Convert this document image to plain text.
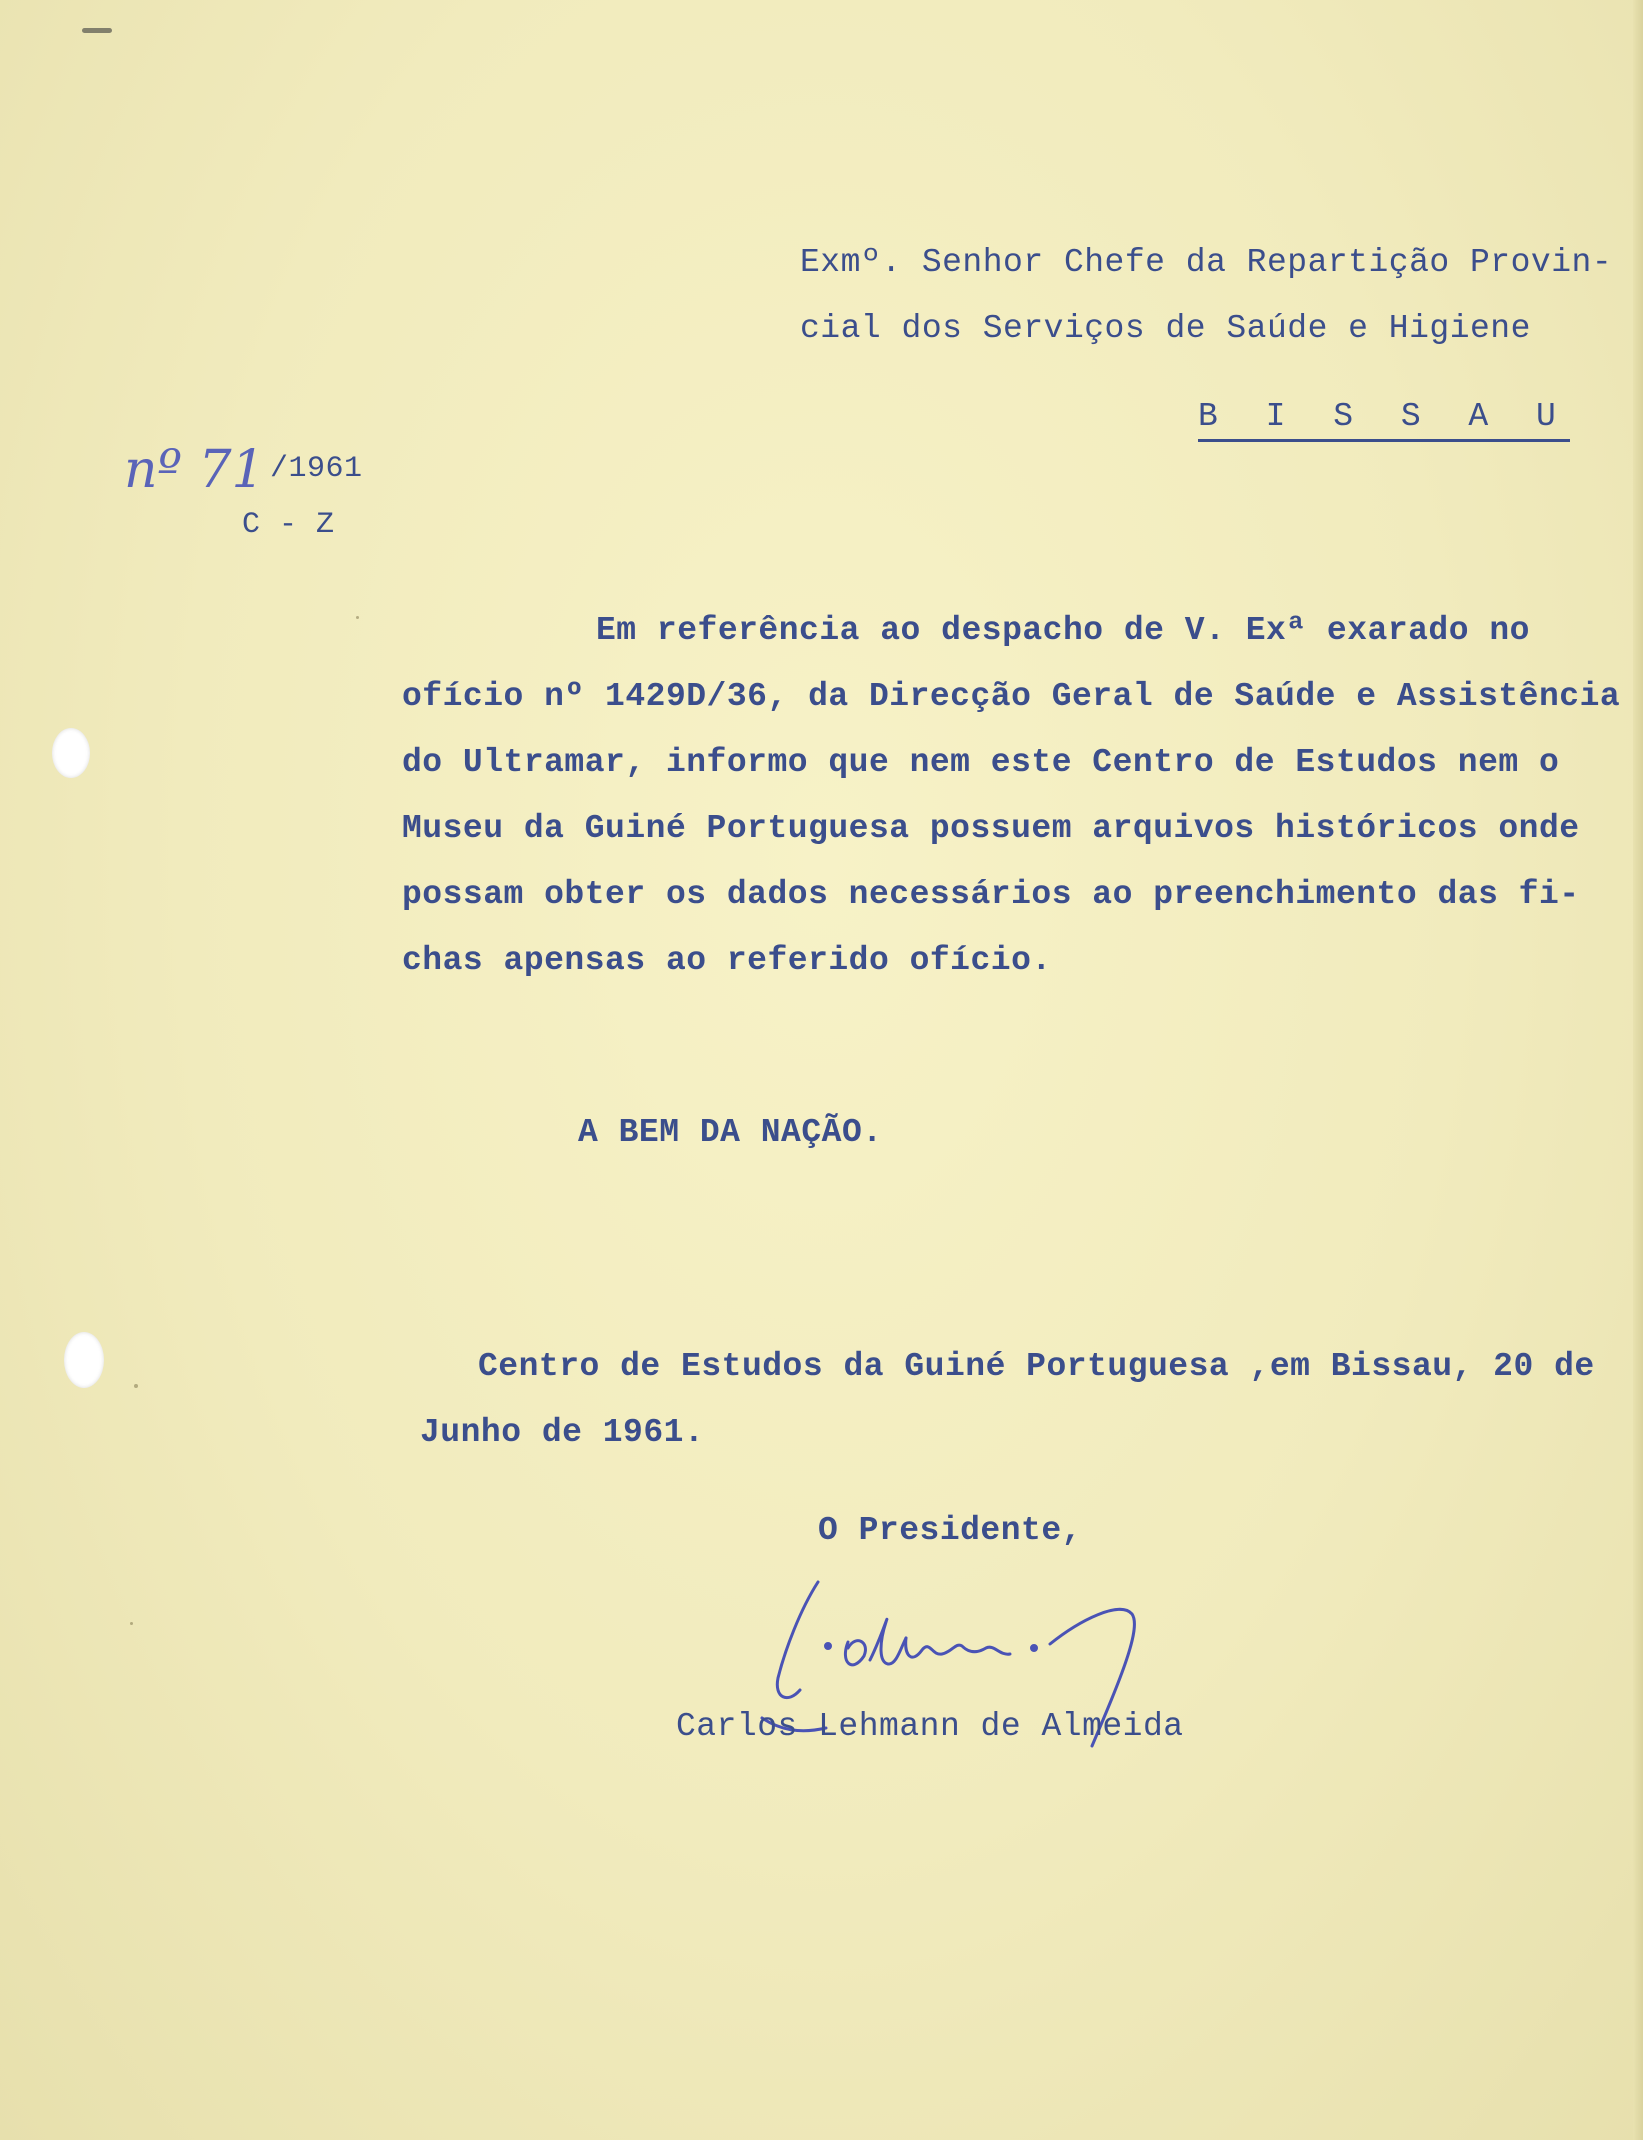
Exmº. Senhor Chefe da Repartição Provin-
cial dos Serviços de Saúde e Higiene
B I S S A U
nº 71 /1961
C - Z
Em referência ao despacho de V. Exª exarado no
ofício nº 1429D/36, da Direcção Geral de Saúde e Assistência
do Ultramar, informo que nem este Centro de Estudos nem o
Museu da Guiné Portuguesa possuem arquivos históricos onde
possam obter os dados necessários ao preenchimento das fi-
chas apensas ao referido ofício.
A BEM DA NAÇÃO.
Centro de Estudos da Guiné Portuguesa ,em Bissau, 20 de
Junho de 1961.
O Presidente,
Carlos Lehmann de Almeida
